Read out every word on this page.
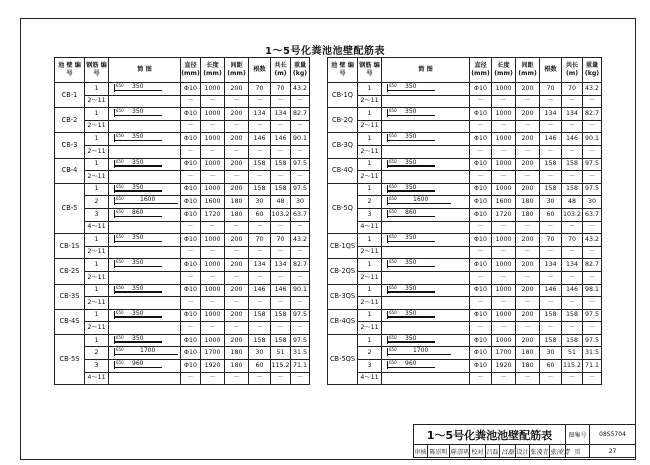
1～5号化粪池池壁配筋表
池 壁 编 号	钢筋 编号	简 图	直径 (mm)	长度 (mm)	间距 (mm)	根数	共长 (m)	重量 (kg)
CB-1	1	650 350	Φ10	1000	200	70	70	43.2
	2～11		－	－	－	－	－	－
CB-2	1	650 350	Φ10	1000	200	134	134	82.7
	2～11		－	－	－	－	－	－
CB-3	1	650 350	Φ10	1000	200	146	146	90.1
	2～11		－	－	－	－	－	－
CB-4	1	650 350	Φ10	1000	200	158	158	97.5
	2～11		－	－	－	－	－	－
CB-5	1	650 350	Φ10	1000	200	158	158	97.5
	2	650 1600	Φ10	1600	180	30	48	30
	3	650 860	Φ10	1720	180	60	103.2	63.7
	4～11		－	－	－	－	－	－
CB-1S	1	650 350	Φ10	1000	200	70	70	43.2
	2～11		－	－	－	－	－	－
CB-2S	1	650 350	Φ10	1000	200	134	134	82.7
	2～11		－	－	－	－	－	－
CB-3S	1	650 350	Φ10	1000	200	146	146	90.1
	2～11		－	－	－	－	－	－
CB-4S	1	650 350	Φ10	1000	200	158	158	97.5
	2～11		－	－	－	－	－	－
CB-5S	1	650 350	Φ10	1000	200	158	158	97.5
	2	650 1700	Φ10	1700	180	30	51	31.5
	3	650 960	Φ10	1920	180	60	115.2	71.1
	4～11		－	－	－	－	－	－
池 壁 编 号	钢筋 编号	简 图	直径 (mm)	长度 (mm)	间距 (mm)	根数	共长 (m)	重量 (kg)
CB-1Q	1	650 350	Φ10	1000	200	70	70	43.2
	2～11		－	－	－	－	－	－
CB-2Q	1	650 350	Φ10	1000	200	134	134	82.7
	2～11		－	－	－	－	－	－
CB-3Q	1	650 350	Φ10	1000	200	146	146	90.1
	2～11		－	－	－	－	－	－
CB-4Q	1	650 350	Φ10	1000	200	158	158	97.5
	2～11		－	－	－	－	－	－
CB-5Q	1	650 350	Φ10	1000	200	158	158	97.5
	2	650 1600	Φ10	1600	180	30	48	30
	3	650 860	Φ10	1720	180	60	103.2	63.7
	4～11		－	－	－	－	－	－
CB-1QS	1	650 350	Φ10	1000	200	70	70	43.2
	2～11		－	－	－	－	－	－
CB-2QS	1	650 350	Φ10	1000	200	134	134	82.7
	2～11		－	－	－	－	－	－
CB-3QS	1	650 350	Φ10	1000	200	146	146	98.1
	2～11		－	－	－	－	－	－
CB-4QS	1	650 350	Φ10	1000	200	158	158	97.5
	2～11		－	－	－	－	－	－
CB-5QS	1	650 350	Φ10	1000	200	158	158	97.5
	2	650 1700	Φ10	1700	180	30	51	31.5
	3	650 960	Φ10	1920	180	60	115.2	71.1
	4～11		－	－	－	－	－	－
1～5号化粪池池壁配筋表									图集号	08S5704
审核	陈崇明	陈崇明	校对	吕磊	吕磊	设计	张凌青	张凌青	页	27
